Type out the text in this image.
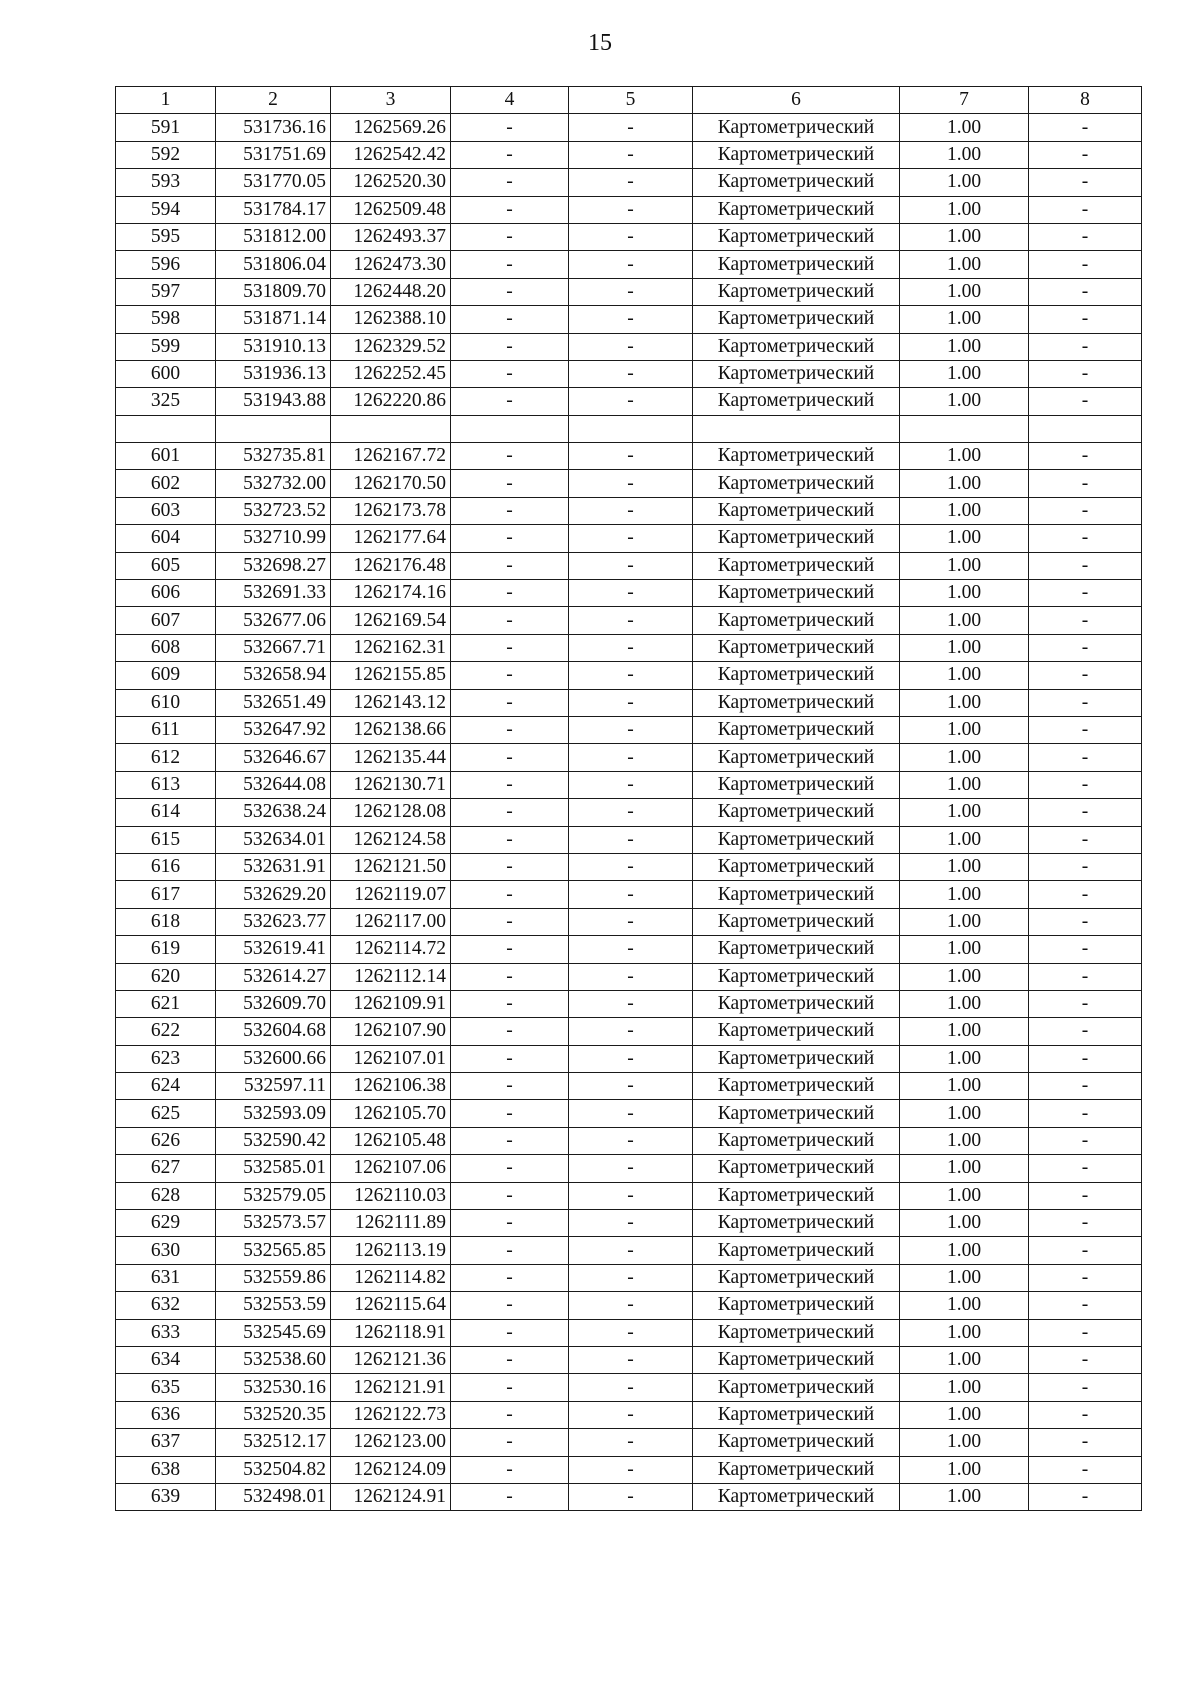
15
1	2	3	4	5	6	7	8
591	531736.16	1262569.26	-	-	Картометрический	1.00	-
592	531751.69	1262542.42	-	-	Картометрический	1.00	-
593	531770.05	1262520.30	-	-	Картометрический	1.00	-
594	531784.17	1262509.48	-	-	Картометрический	1.00	-
595	531812.00	1262493.37	-	-	Картометрический	1.00	-
596	531806.04	1262473.30	-	-	Картометрический	1.00	-
597	531809.70	1262448.20	-	-	Картометрический	1.00	-
598	531871.14	1262388.10	-	-	Картометрический	1.00	-
599	531910.13	1262329.52	-	-	Картометрический	1.00	-
600	531936.13	1262252.45	-	-	Картометрический	1.00	-
325	531943.88	1262220.86	-	-	Картометрический	1.00	-

601	532735.81	1262167.72	-	-	Картометрический	1.00	-
602	532732.00	1262170.50	-	-	Картометрический	1.00	-
603	532723.52	1262173.78	-	-	Картометрический	1.00	-
604	532710.99	1262177.64	-	-	Картометрический	1.00	-
605	532698.27	1262176.48	-	-	Картометрический	1.00	-
606	532691.33	1262174.16	-	-	Картометрический	1.00	-
607	532677.06	1262169.54	-	-	Картометрический	1.00	-
608	532667.71	1262162.31	-	-	Картометрический	1.00	-
609	532658.94	1262155.85	-	-	Картометрический	1.00	-
610	532651.49	1262143.12	-	-	Картометрический	1.00	-
611	532647.92	1262138.66	-	-	Картометрический	1.00	-
612	532646.67	1262135.44	-	-	Картометрический	1.00	-
613	532644.08	1262130.71	-	-	Картометрический	1.00	-
614	532638.24	1262128.08	-	-	Картометрический	1.00	-
615	532634.01	1262124.58	-	-	Картометрический	1.00	-
616	532631.91	1262121.50	-	-	Картометрический	1.00	-
617	532629.20	1262119.07	-	-	Картометрический	1.00	-
618	532623.77	1262117.00	-	-	Картометрический	1.00	-
619	532619.41	1262114.72	-	-	Картометрический	1.00	-
620	532614.27	1262112.14	-	-	Картометрический	1.00	-
621	532609.70	1262109.91	-	-	Картометрический	1.00	-
622	532604.68	1262107.90	-	-	Картометрический	1.00	-
623	532600.66	1262107.01	-	-	Картометрический	1.00	-
624	532597.11	1262106.38	-	-	Картометрический	1.00	-
625	532593.09	1262105.70	-	-	Картометрический	1.00	-
626	532590.42	1262105.48	-	-	Картометрический	1.00	-
627	532585.01	1262107.06	-	-	Картометрический	1.00	-
628	532579.05	1262110.03	-	-	Картометрический	1.00	-
629	532573.57	1262111.89	-	-	Картометрический	1.00	-
630	532565.85	1262113.19	-	-	Картометрический	1.00	-
631	532559.86	1262114.82	-	-	Картометрический	1.00	-
632	532553.59	1262115.64	-	-	Картометрический	1.00	-
633	532545.69	1262118.91	-	-	Картометрический	1.00	-
634	532538.60	1262121.36	-	-	Картометрический	1.00	-
635	532530.16	1262121.91	-	-	Картометрический	1.00	-
636	532520.35	1262122.73	-	-	Картометрический	1.00	-
637	532512.17	1262123.00	-	-	Картометрический	1.00	-
638	532504.82	1262124.09	-	-	Картометрический	1.00	-
639	532498.01	1262124.91	-	-	Картометрический	1.00	-
